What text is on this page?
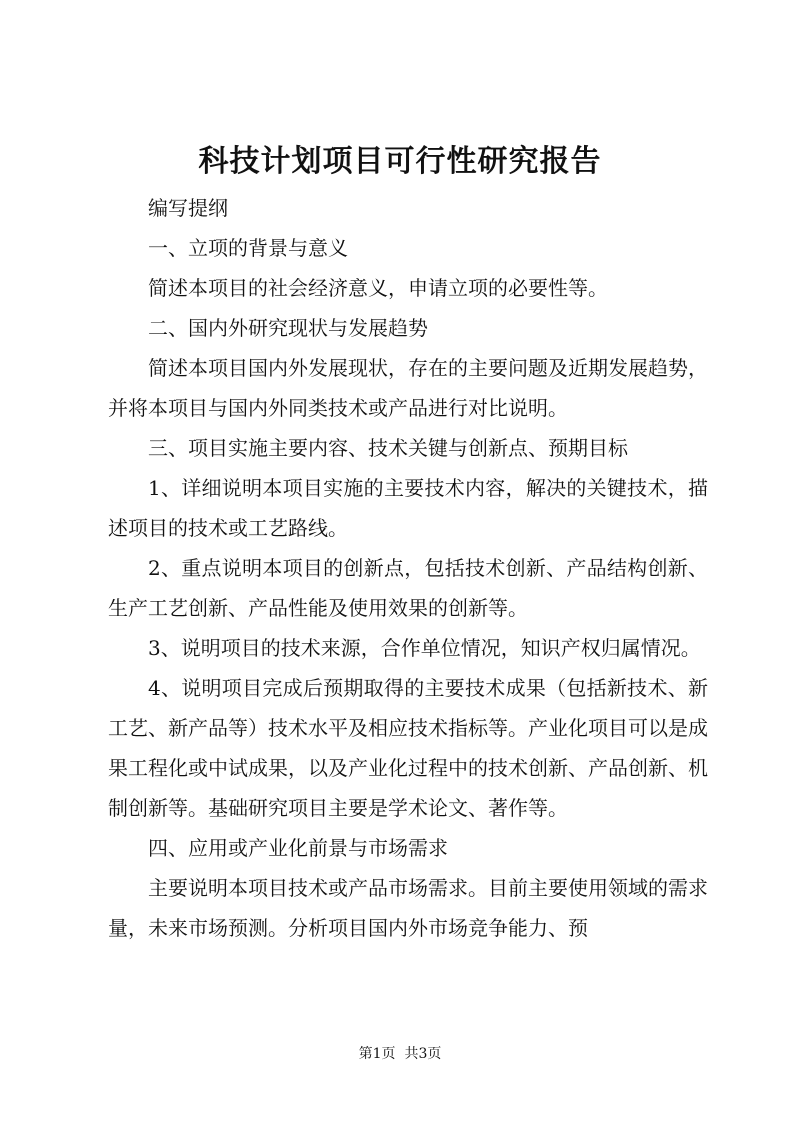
科技计划项目可行性研究报告

编写提纲

一、立项的背景与意义

简述本项目的社会经济意义，申请立项的必要性等。

二、国内外研究现状与发展趋势

简述本项目国内外发展现状，存在的主要问题及近期发展趋势，并将本项目与国内外同类技术或产品进行对比说明。

三、项目实施主要内容、技术关键与创新点、预期目标

1、详细说明本项目实施的主要技术内容，解决的关键技术，描述项目的技术或工艺路线。

2、重点说明本项目的创新点，包括技术创新、产品结构创新、生产工艺创新、产品性能及使用效果的创新等。

3、说明项目的技术来源，合作单位情况，知识产权归属情况。

4、说明项目完成后预期取得的主要技术成果（包括新技术、新工艺、新产品等）技术水平及相应技术指标等。产业化项目可以是成果工程化或中试成果，以及产业化过程中的技术创新、产品创新、机制创新等。基础研究项目主要是学术论文、著作等。

四、应用或产业化前景与市场需求

主要说明本项目技术或产品市场需求。目前主要使用领域的需求量，未来市场预测。分析项目国内外市场竞争能力、预

第1页  共3页
